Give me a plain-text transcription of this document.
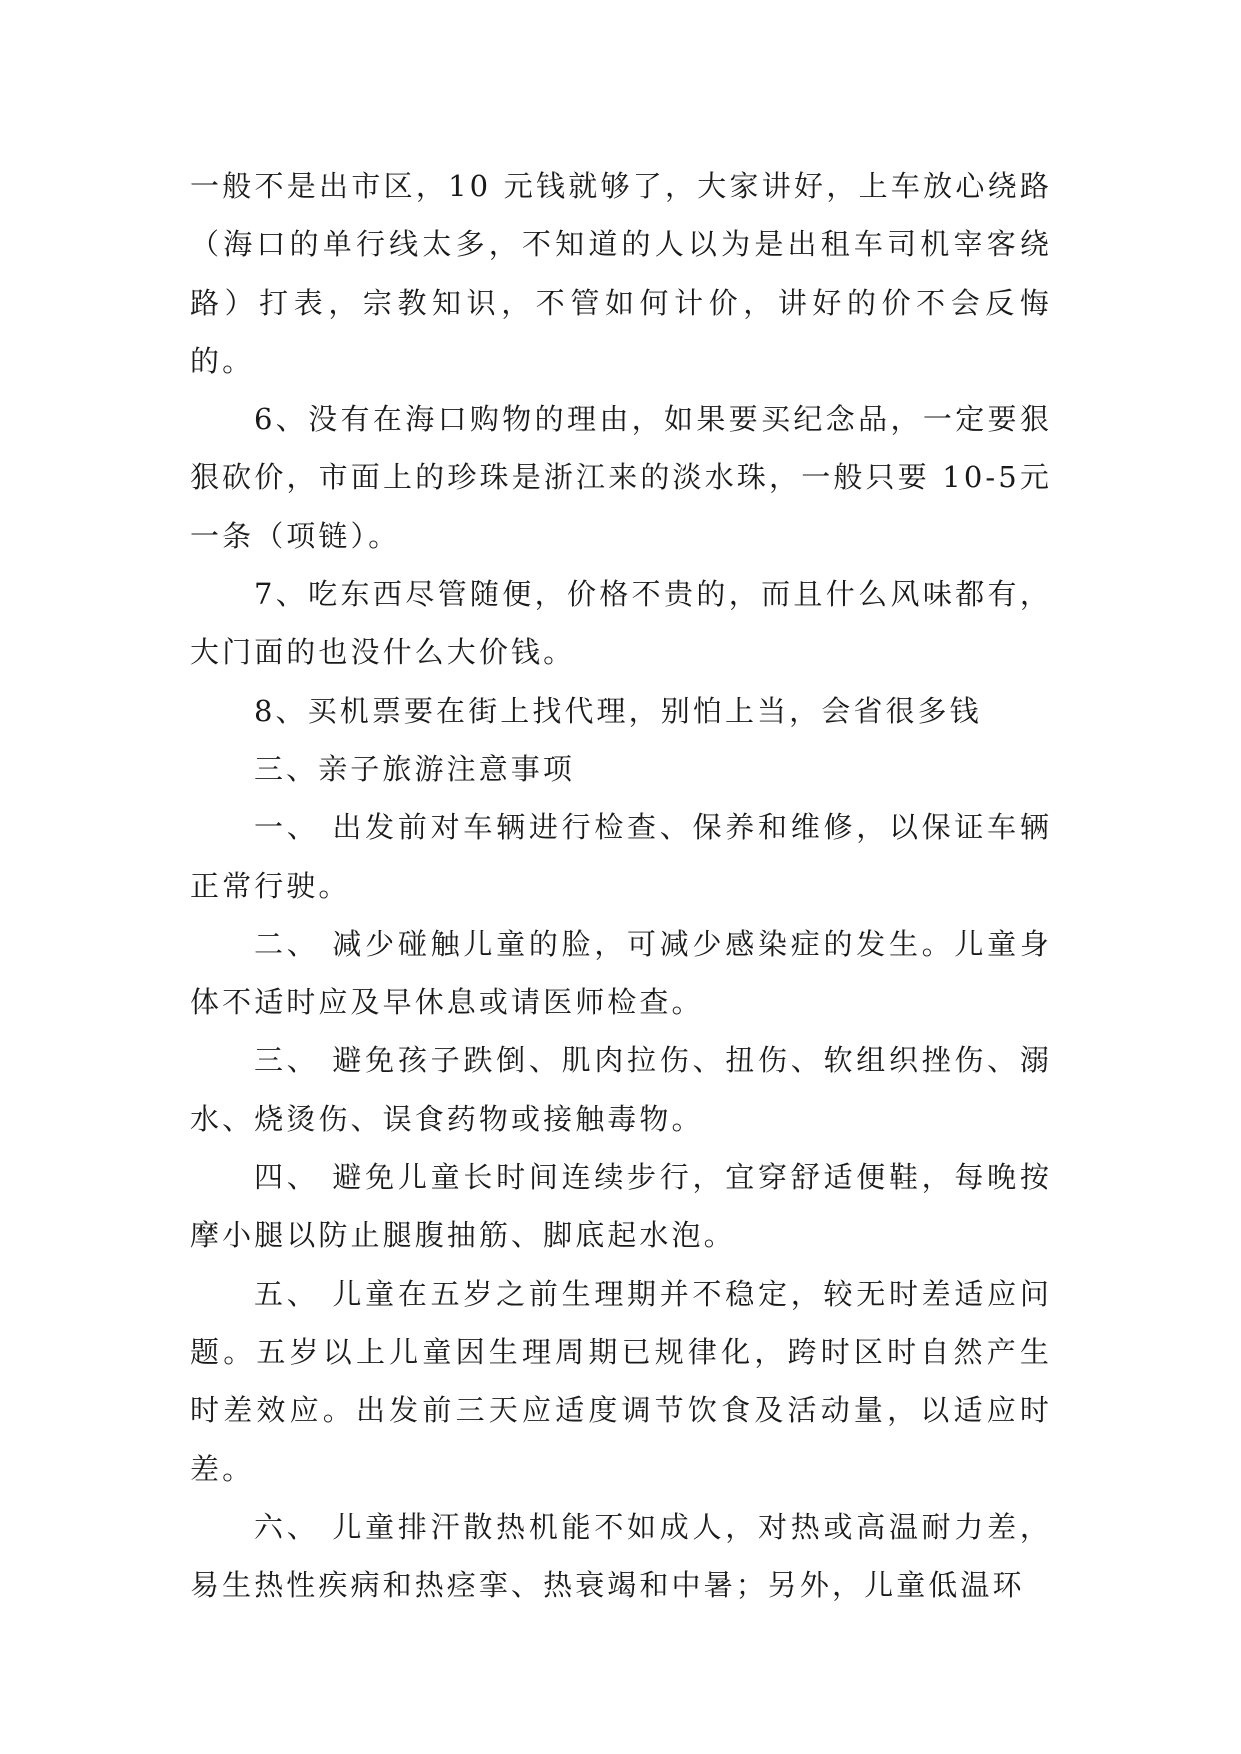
一般不是出市区，10 元钱就够了，大家讲好，上车放心绕路（海口的单行线太多，不知道的人以为是出租车司机宰客绕路）打表，宗教知识，不管如何计价，讲好的价不会反悔的。

6、没有在海口购物的理由，如果要买纪念品，一定要狠狠砍价，市面上的珍珠是浙江来的淡水珠，一般只要 10-5元一条（项链）。

7、吃东西尽管随便，价格不贵的，而且什么风味都有，大门面的也没什么大价钱。

8、买机票要在街上找代理，别怕上当，会省很多钱

三、亲子旅游注意事项

一、 出发前对车辆进行检查、保养和维修，以保证车辆正常行驶。

二、 减少碰触儿童的脸，可减少感染症的发生。儿童身体不适时应及早休息或请医师检查。

三、 避免孩子跌倒、肌肉拉伤、扭伤、软组织挫伤、溺水、烧烫伤、误食药物或接触毒物。

四、 避免儿童长时间连续步行，宜穿舒适便鞋，每晚按摩小腿以防止腿腹抽筋、脚底起水泡。

五、 儿童在五岁之前生理期并不稳定，较无时差适应问题。五岁以上儿童因生理周期已规律化，跨时区时自然产生时差效应。出发前三天应适度调节饮食及活动量，以适应时差。

六、 儿童排汗散热机能不如成人，对热或高温耐力差，易生热性疾病和热痉挛、热衰竭和中暑；另外，儿童低温环
